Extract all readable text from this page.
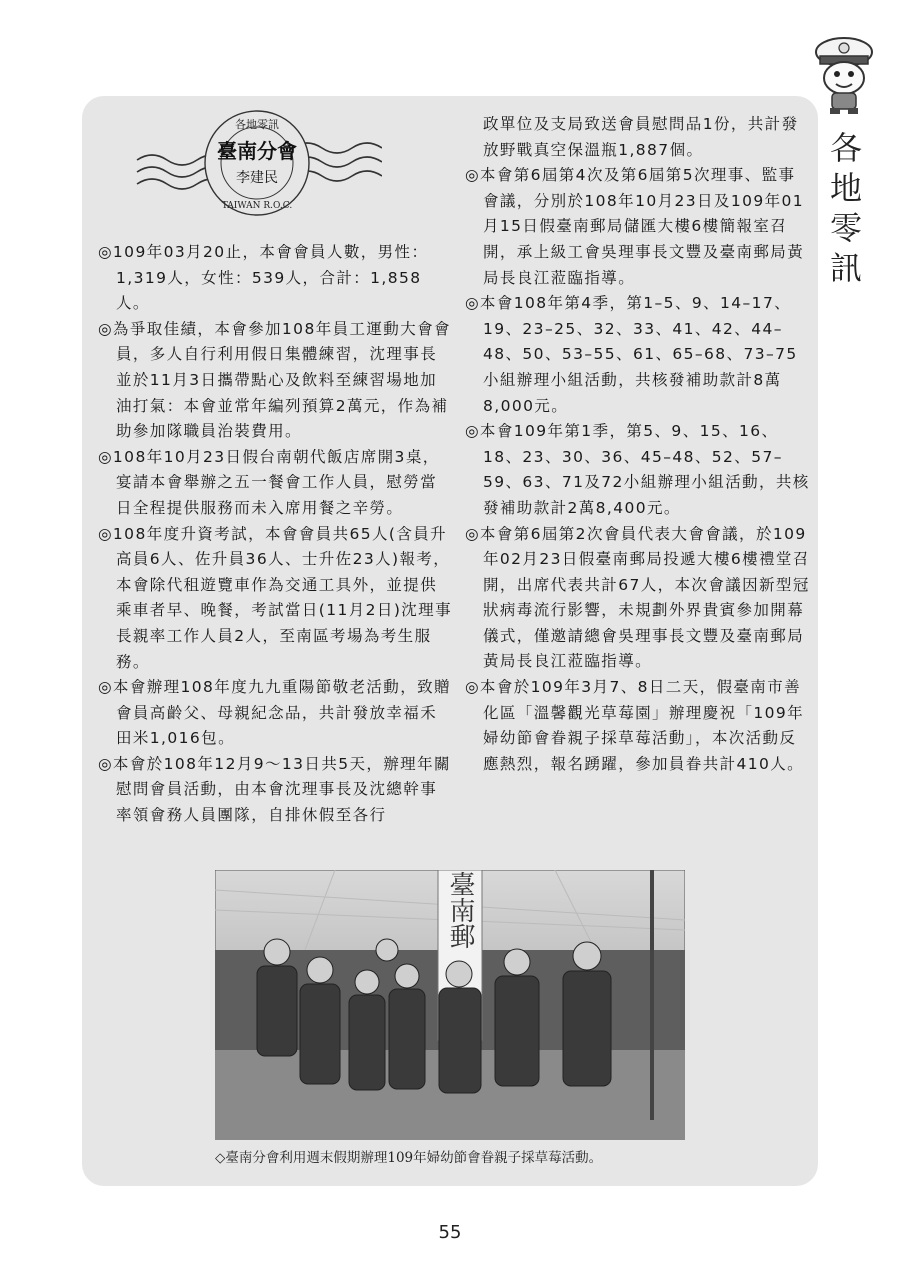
各
地
零
訊
各地零訊
臺南分會
李建民
TAIWAN R.O.C.

◎109年03月20止，本會會員人數，男性：1,319人，女性：539人，合計：1,858人。

◎為爭取佳績，本會參加108年員工運動大會會員，多人自行利用假日集體練習，沈理事長並於11月3日攜帶點心及飲料至練習場地加油打氣：本會並常年編列預算2萬元，作為補助參加隊職員治裝費用。

◎108年10月23日假台南朝代飯店席開3桌，宴請本會舉辦之五一餐會工作人員，慰勞當日全程提供服務而未入席用餐之辛勞。

◎108年度升資考試，本會會員共65人(含員升高員6人、佐升員36人、士升佐23人)報考，本會除代租遊覽車作為交通工具外，並提供乘車者早、晚餐，考試當日(11月2日)沈理事長親率工作人員2人，至南區考場為考生服務。

◎本會辦理108年度九九重陽節敬老活動，致贈會員高齡父、母親紀念品，共計發放幸福禾田米1,016包。

◎本會於108年12月9～13日共5天，辦理年關慰問會員活動，由本會沈理事長及沈總幹事率領會務人員團隊，自排休假至各行

政單位及支局致送會員慰問品1份，共計發放野戰真空保溫瓶1,887個。

◎本會第6屆第4次及第6屆第5次理事、監事會議，分別於108年10月23日及109年01月15日假臺南郵局儲匯大樓6樓簡報室召開，承上級工會吳理事長文豐及臺南郵局黃局長良江蒞臨指導。

◎本會108年第4季，第1–5、9、14–17、19、23–25、32、33、41、42、44–48、50、53–55、61、65–68、73–75小組辦理小組活動，共核發補助款計8萬8,000元。

◎本會109年第1季，第5、9、15、16、18、23、30、36、45–48、52、57–59、63、71及72小組辦理小組活動，共核發補助款計2萬8,400元。

◎本會第6屆第2次會員代表大會會議，於109年02月23日假臺南郵局投遞大樓6樓禮堂召開，出席代表共計67人，本次會議因新型冠狀病毒流行影響，未規劃外界貴賓參加開幕儀式，僅邀請總會吳理事長文豐及臺南郵局黃局長良江蒞臨指導。

◎本會於109年3月7、8日二天，假臺南市善化區「溫馨觀光草莓園」辦理慶祝「109年婦幼節會眷親子採草莓活動」，本次活動反應熱烈，報名踴躍，參加員眷共計410人。

臺南郵
◇臺南分會利用週末假期辦理109年婦幼節會眷親子採草莓活動。
55
